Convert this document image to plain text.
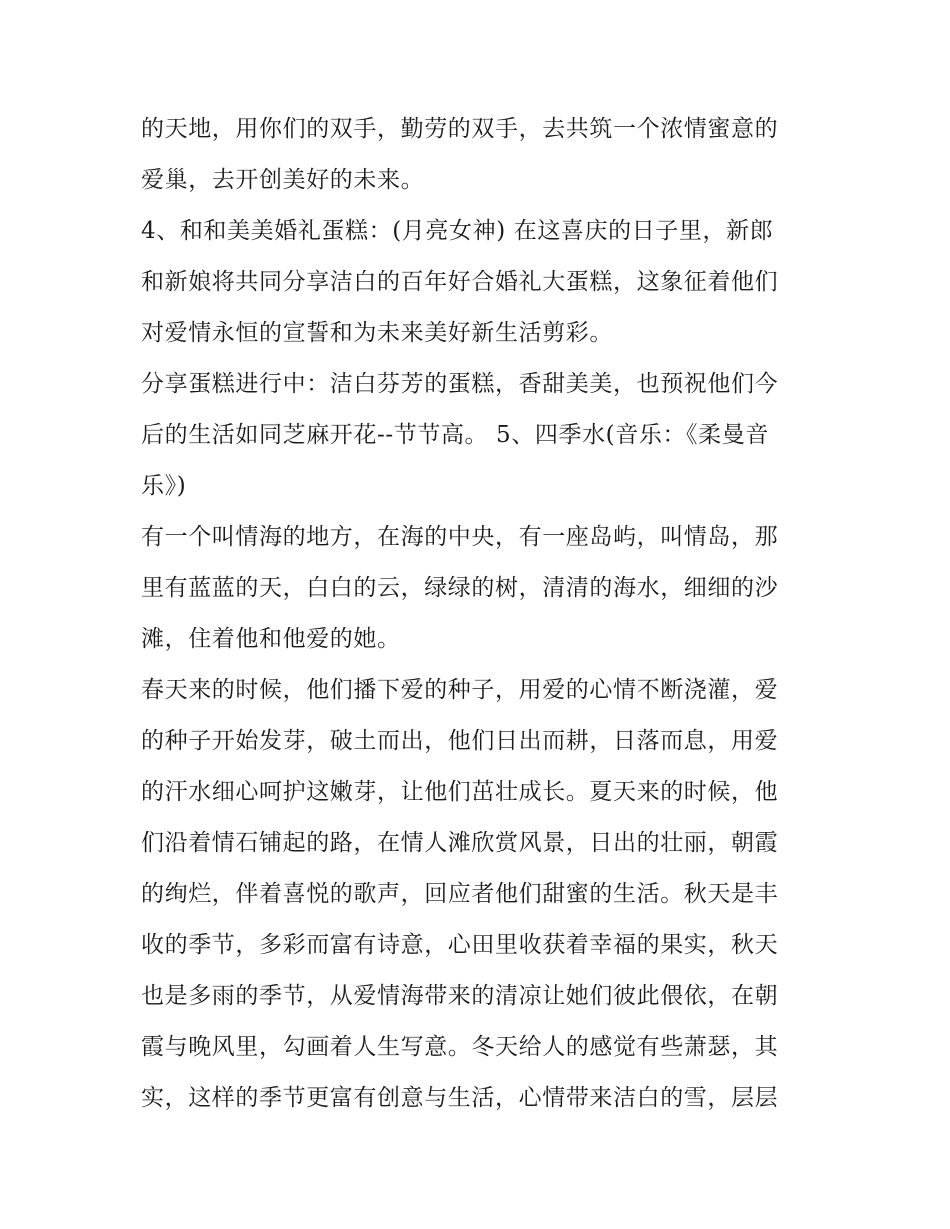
的天地，用你们的双手，勤劳的双手，去共筑一个浓情蜜意的
爱巢，去开创美好的未来。
4、和和美美婚礼蛋糕：(月亮女神) 在这喜庆的日子里，新郎
和新娘将共同分享洁白的百年好合婚礼大蛋糕，这象征着他们
对爱情永恒的宣誓和为未来美好新生活剪彩。
分享蛋糕进行中：洁白芬芳的蛋糕，香甜美美，也预祝他们今
后的生活如同芝麻开花--节节高。 5、四季水(音乐：《柔曼音
乐》)
有一个叫情海的地方，在海的中央，有一座岛屿，叫情岛，那
里有蓝蓝的天，白白的云，绿绿的树，清清的海水，细细的沙
滩，住着他和他爱的她。
春天来的时候，他们播下爱的种子，用爱的心情不断浇灌，爱
的种子开始发芽，破土而出，他们日出而耕，日落而息，用爱
的汗水细心呵护这嫩芽，让他们茁壮成长。夏天来的时候，他
们沿着情石铺起的路，在情人滩欣赏风景，日出的壮丽，朝霞
的绚烂，伴着喜悦的歌声，回应者他们甜蜜的生活。秋天是丰
收的季节，多彩而富有诗意，心田里收获着幸福的果实，秋天
也是多雨的季节，从爱情海带来的清凉让她们彼此偎依，在朝
霞与晚风里，勾画着人生写意。冬天给人的感觉有些萧瑟，其
实，这样的季节更富有创意与生活，心情带来洁白的雪，层层
